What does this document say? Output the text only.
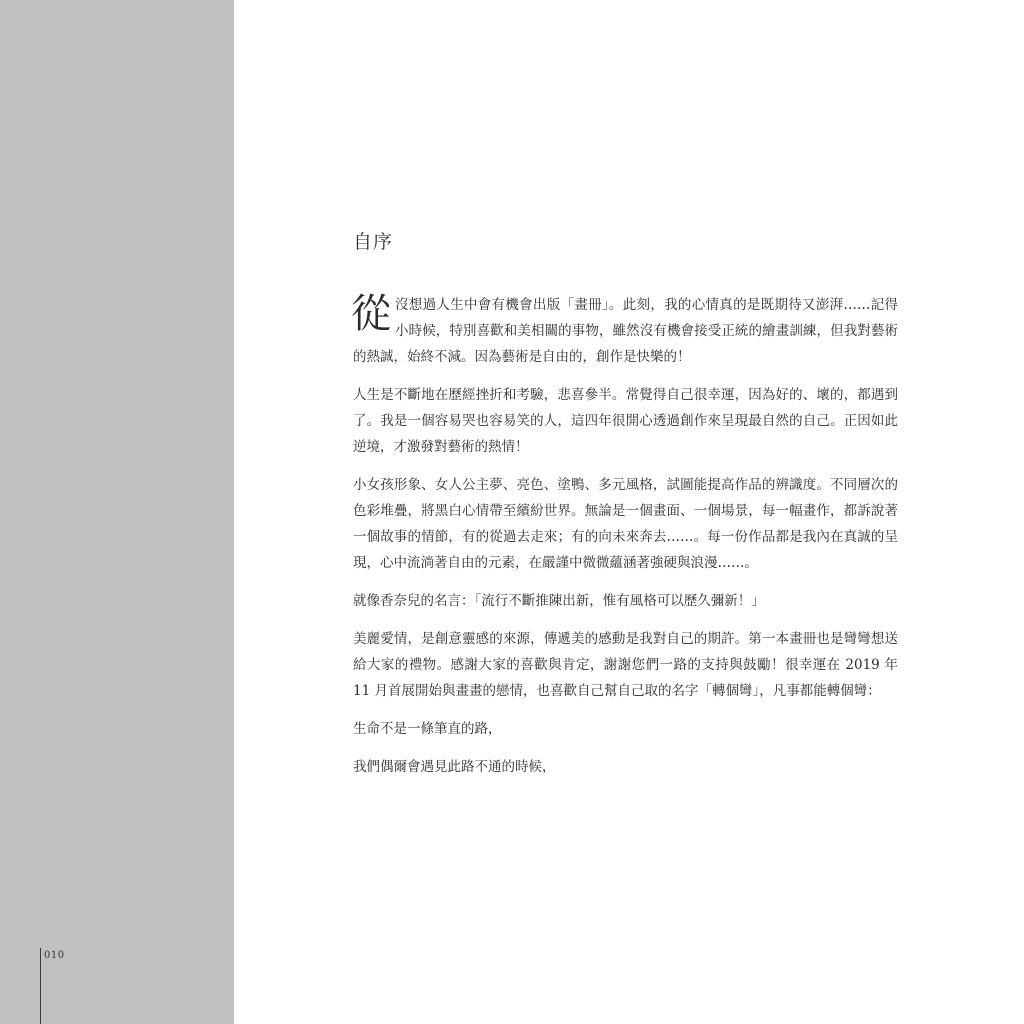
010
自序

從沒想過人生中會有機會出版「畫冊」。此刻，我的心情真的是既期待又澎湃……記得小時候，特別喜歡和美相關的事物，雖然沒有機會接受正統的繪畫訓練，但我對藝術的熱誠，始終不減。因為藝術是自由的，創作是快樂的！

人生是不斷地在歷經挫折和考驗，悲喜參半。常覺得自己很幸運，因為好的、壞的，都遇到了。我是一個容易哭也容易笑的人，這四年很開心透過創作來呈現最自然的自己。正因如此逆境，才激發對藝術的熱情！

小女孩形象、女人公主夢、亮色、塗鴨、多元風格，試圖能提高作品的辨識度。不同層次的色彩堆疊，將黑白心情帶至繽紛世界。無論是一個畫面、一個場景，每一幅畫作，都訴說著一個故事的情節，有的從過去走來；有的向未來奔去……。每一份作品都是我內在真誠的呈現，心中流淌著自由的元素，在嚴謹中微微蘊涵著強硬與浪漫……。

就像香奈兒的名言：「流行不斷推陳出新，惟有風格可以歷久彌新！」

美麗愛情，是創意靈感的來源，傳遞美的感動是我對自己的期許。第一本畫冊也是彎彎想送給大家的禮物。感謝大家的喜歡與肯定，謝謝您們一路的支持與鼓勵！很幸運在 2019 年 11 月首展開始與畫畫的戀情，也喜歡自己幫自己取的名字「轉個彎」，凡事都能轉個彎：

生命不是一條筆直的路，

我們偶爾會遇見此路不通的時候，
